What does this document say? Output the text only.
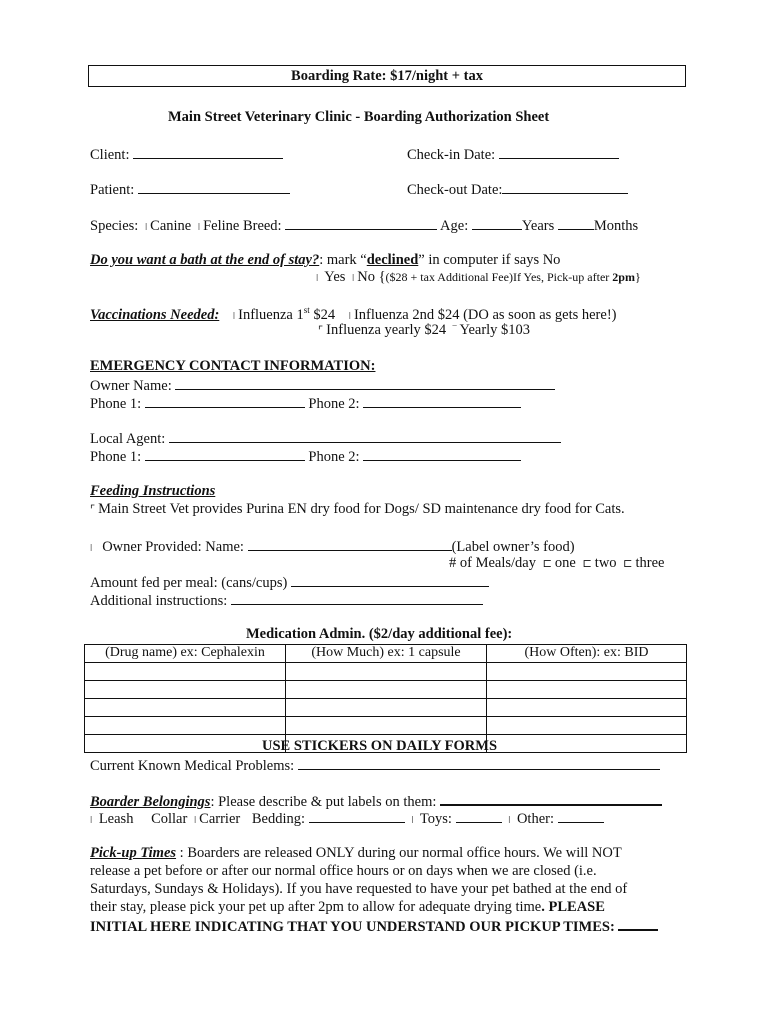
Boarding Rate: $17/night + tax
Main Street Veterinary Clinic - Boarding Authorization Sheet
Client:	Check-in Date:
Patient:	Check-out Date:
Species: ǀ Canine ǀ Feline Breed:	Age:	Years	Months
Do you want a bath at the end of stay?: mark “declined” in computer if says No
ǀ Yes ǀ No {($28 + tax Additional Fee)If Yes, Pick-up after 2pm}
Vaccinations Needed: ǀ Influenza 1st $24 ǀ Influenza 2nd $24 (DO as soon as gets here!)
⌜ Influenza yearly $24 ‾ Yearly $103
EMERGENCY CONTACT INFORMATION:
Owner Name:
Phone 1:	Phone 2:
Local Agent:
Phone 1:	Phone 2:
Feeding Instructions
⌜ Main Street Vet provides Purina EN dry food for Dogs/ SD maintenance dry food for Cats.
ǀ Owner Provided: Name:	(Label owner’s food)
# of Meals/day ⊏ one ⊏ two ⊏ three
Amount fed per meal: (cans/cups)
Additional instructions:
Medication Admin. ($2/day additional fee):
(Drug name) ex: Cephalexin	(How Much) ex: 1 capsule	(How Often): ex: BID

USE STICKERS ON DAILY FORMS
Current Known Medical Problems:
Boarder Belongings: Please describe & put labels on them:
ǀ Leash Collar ǀ Carrier Bedding:	ǀ Toys:	ǀ Other:
Pick-up Times : Boarders are released ONLY during our normal office hours. We will NOT
release a pet before or after our normal office hours or on days when we are closed (i.e.
Saturdays, Sundays & Holidays). If you have requested to have your pet bathed at the end of
their stay, please pick your pet up after 2pm to allow for adequate drying time. PLEASE
INITIAL HERE INDICATING THAT YOU UNDERSTAND OUR PICKUP TIMES:
